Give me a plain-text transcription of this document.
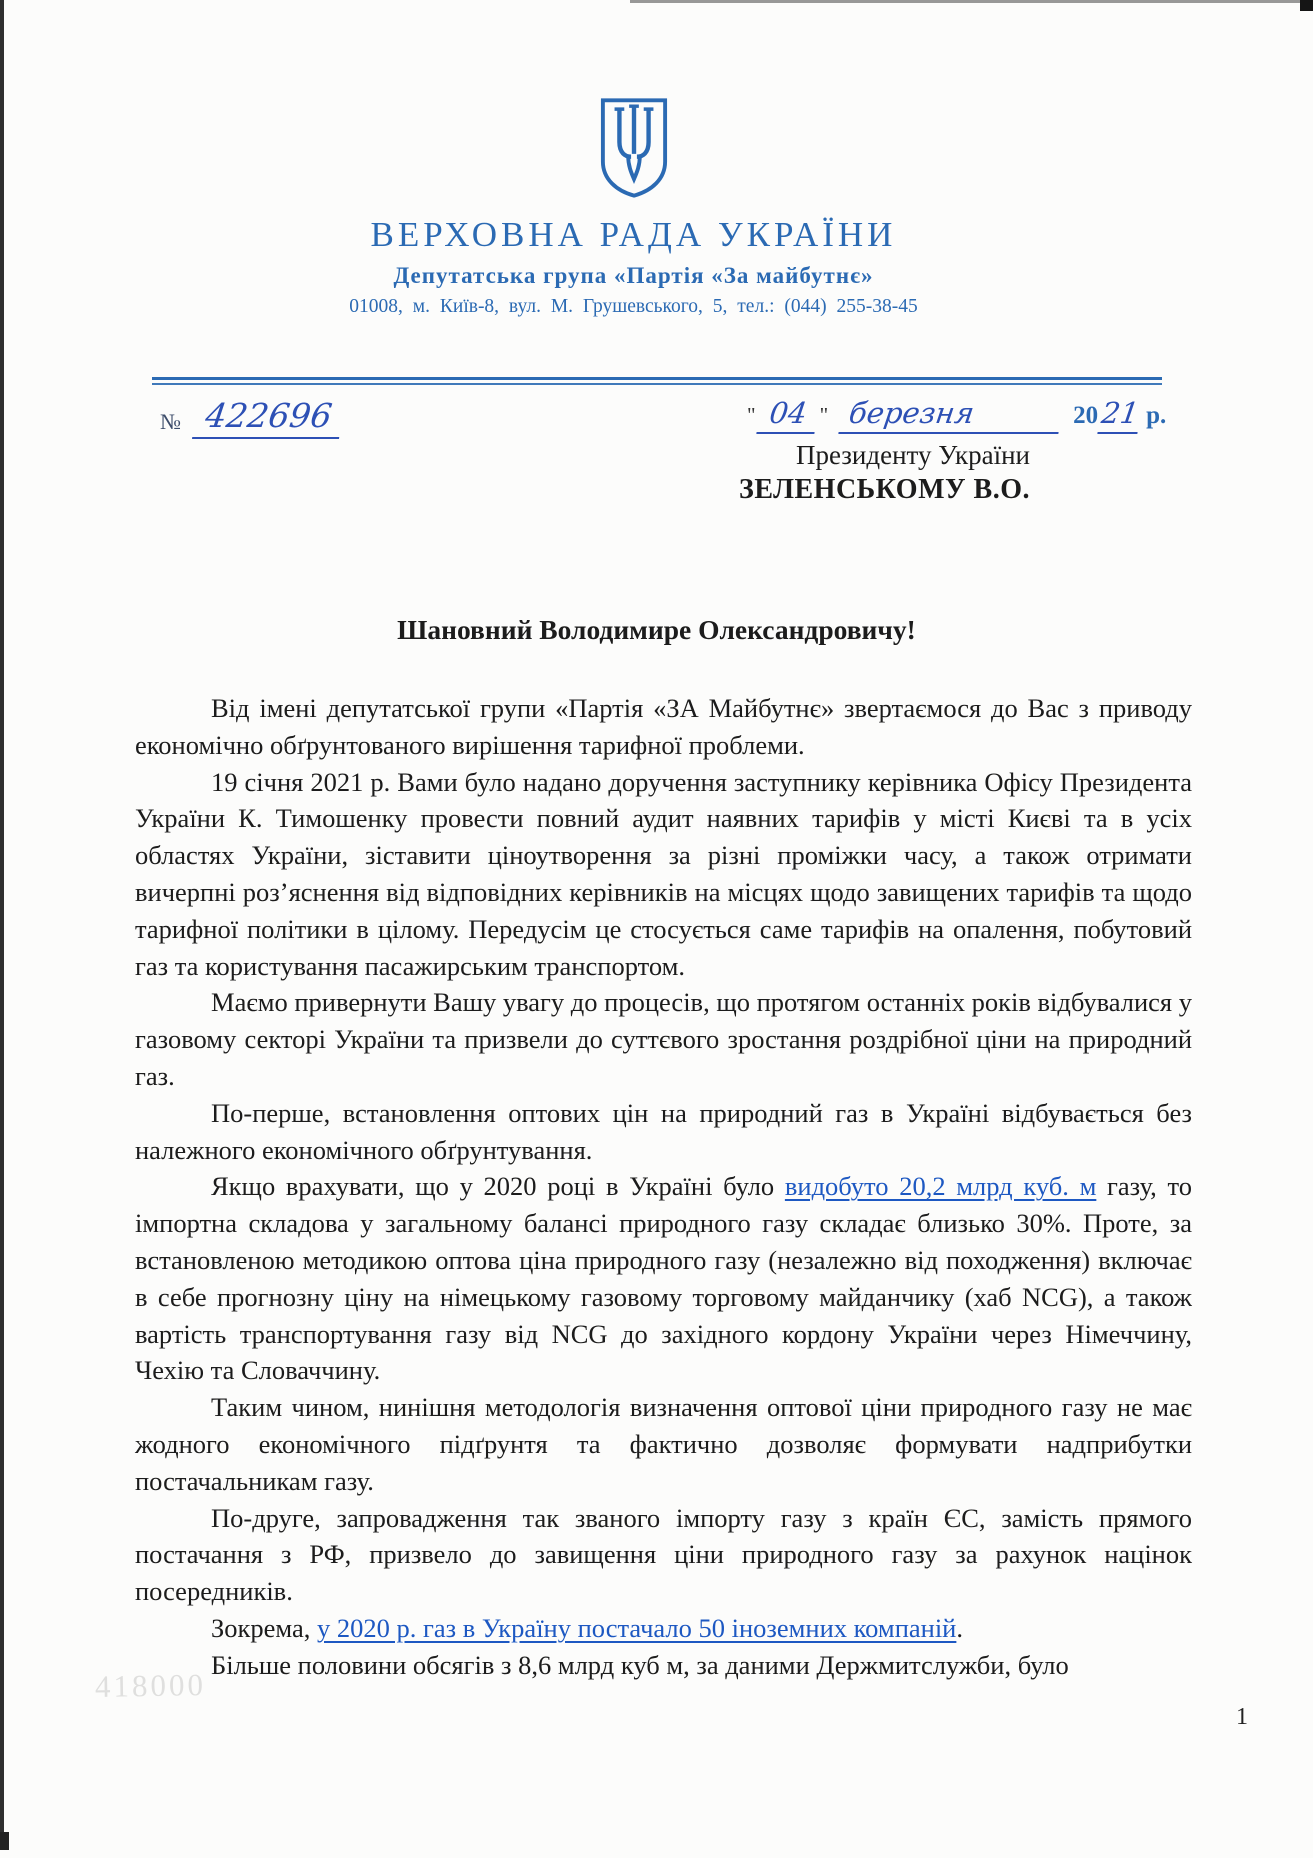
ВЕРХОВНА РАДА УКРАЇНИ
Депутатська група «Партія «За майбутнє»
01008, м. Київ-8, вул. М. Грушевського, 5, тел.: (044) 255-38-45
№ 422696	" 04 " березня	20 21 р.
Президенту України
ЗЕЛЕНСЬКОМУ В.О.
Шановний Володимире Олександровичу!

Від імені депутатської групи «Партія «ЗА Майбутнє» звертаємося до Вас з приводу економічно обґрунтованого вирішення тарифної проблеми.

19 січня 2021 р. Вами було надано доручення заступнику керівника Офісу Президента України К. Тимошенку провести повний аудит наявних тарифів у місті Києві та в усіх областях України, зіставити ціноутворення за різні проміжки часу, а також отримати вичерпні роз’яснення від відповідних керівників на місцях щодо завищених тарифів та щодо тарифної політики в цілому. Передусім це стосується саме тарифів на опалення, побутовий газ та користування пасажирським транспортом.

Маємо привернути Вашу увагу до процесів, що протягом останніх років відбувалися у газовому секторі України та призвели до суттєвого зростання роздрібної ціни на природний газ.

По-перше, встановлення оптових цін на природний газ в Україні відбувається без належного економічного обґрунтування.

Якщо врахувати, що у 2020 році в Україні було видобуто 20,2 млрд куб. м газу, то імпортна складова у загальному балансі природного газу складає близько 30%. Проте, за встановленою методикою оптова ціна природного газу (незалежно від походження) включає в себе прогнозну ціну на німецькому газовому торговому майданчику (хаб NCG), а також вартість транспортування газу від NCG до західного кордону України через Німеччину, Чехію та Словаччину.

Таким чином, нинішня методологія визначення оптової ціни природного газу не має жодного економічного підґрунтя та фактично дозволяє формувати надприбутки постачальникам газу.

По-друге, запровадження так званого імпорту газу з країн ЄС, замість прямого постачання з РФ, призвело до завищення ціни природного газу за рахунок націнок посередників.

Зокрема, у 2020 р. газ в Україну постачало 50 іноземних компаній.

Більше половини обсягів з 8,6 млрд куб м, за даними Держмитслужби, було

418000
1
